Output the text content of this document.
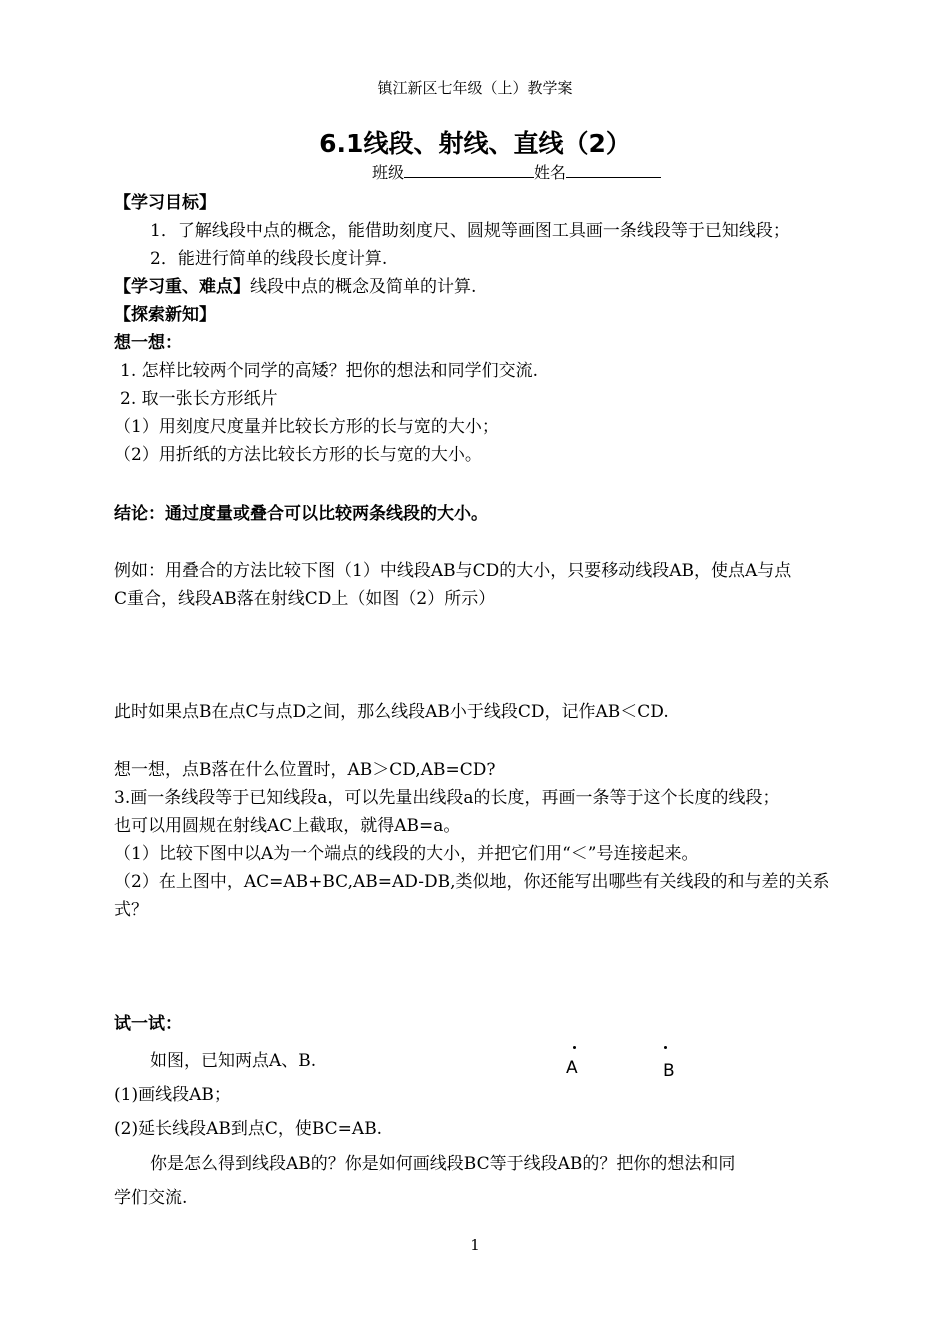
镇江新区七年级（上）教学案
6.1线段、射线、直线（2）
班级	姓名
【学习目标】
1．了解线段中点的概念，能借助刻度尺、圆规等画图工具画一条线段等于已知线段；
2．能进行简单的线段长度计算.
【学习重、难点】线段中点的概念及简单的计算.
【探索新知】
想一想：
1. 怎样比较两个同学的高矮？把你的想法和同学们交流.
2. 取一张长方形纸片
（1）用刻度尺度量并比较长方形的长与宽的大小；
（2）用折纸的方法比较长方形的长与宽的大小。
结论：通过度量或叠合可以比较两条线段的大小。
例如：用叠合的方法比较下图（1）中线段AB与CD的大小，只要移动线段AB，使点A与点
C重合，线段AB落在射线CD上（如图（2）所示）
此时如果点B在点C与点D之间，那么线段AB小于线段CD，记作AB＜CD.
想一想，点B落在什么位置时，AB＞CD,AB=CD?
3.画一条线段等于已知线段a，可以先量出线段a的长度，再画一条等于这个长度的线段；
也可以用圆规在射线AC上截取，就得AB=a。
（1）比较下图中以A为一个端点的线段的大小，并把它们用“＜”号连接起来。
（2）在上图中，AC=AB+BC,AB=AD-DB,类似地，你还能写出哪些有关线段的和与差的关系
式？
试一试：
如图，已知两点A、B.	A	B
(1)画线段AB；
(2)延长线段AB到点C，使BC=AB.
你是怎么得到线段AB的？你是如何画线段BC等于线段AB的？把你的想法和同
学们交流.
1
